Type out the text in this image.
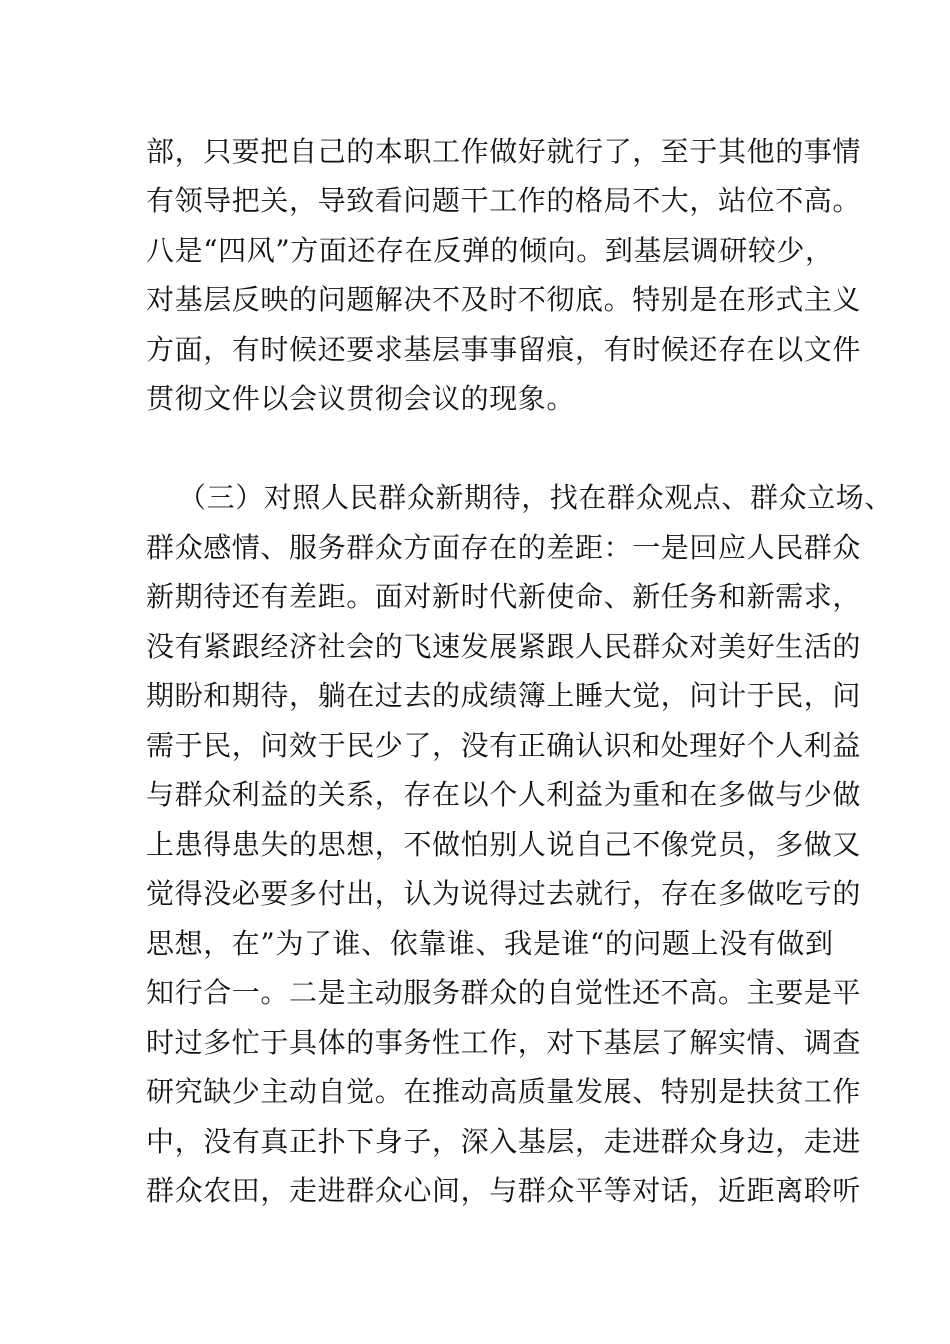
部，只要把自己的本职工作做好就行了，至于其他的事情
有领导把关，导致看问题干工作的格局不大，站位不高。
八是“四风”方面还存在反弹的倾向。到基层调研较少，
对基层反映的问题解决不及时不彻底。特别是在形式主义
方面，有时候还要求基层事事留痕，有时候还存在以文件
贯彻文件以会议贯彻会议的现象。
（三）对照人民群众新期待，找在群众观点、群众立场、
群众感情、服务群众方面存在的差距：一是回应人民群众
新期待还有差距。面对新时代新使命、新任务和新需求，
没有紧跟经济社会的飞速发展紧跟人民群众对美好生活的
期盼和期待，躺在过去的成绩簿上睡大觉，问计于民，问
需于民，问效于民少了，没有正确认识和处理好个人利益
与群众利益的关系，存在以个人利益为重和在多做与少做
上患得患失的思想，不做怕别人说自己不像党员，多做又
觉得没必要多付出，认为说得过去就行，存在多做吃亏的
思想，在”为了谁、依靠谁、我是谁“的问题上没有做到
知行合一。二是主动服务群众的自觉性还不高。主要是平
时过多忙于具体的事务性工作，对下基层了解实情、调查
研究缺少主动自觉。在推动高质量发展、特别是扶贫工作
中，没有真正扑下身子，深入基层，走进群众身边，走进
群众农田，走进群众心间，与群众平等对话，近距离聆听
